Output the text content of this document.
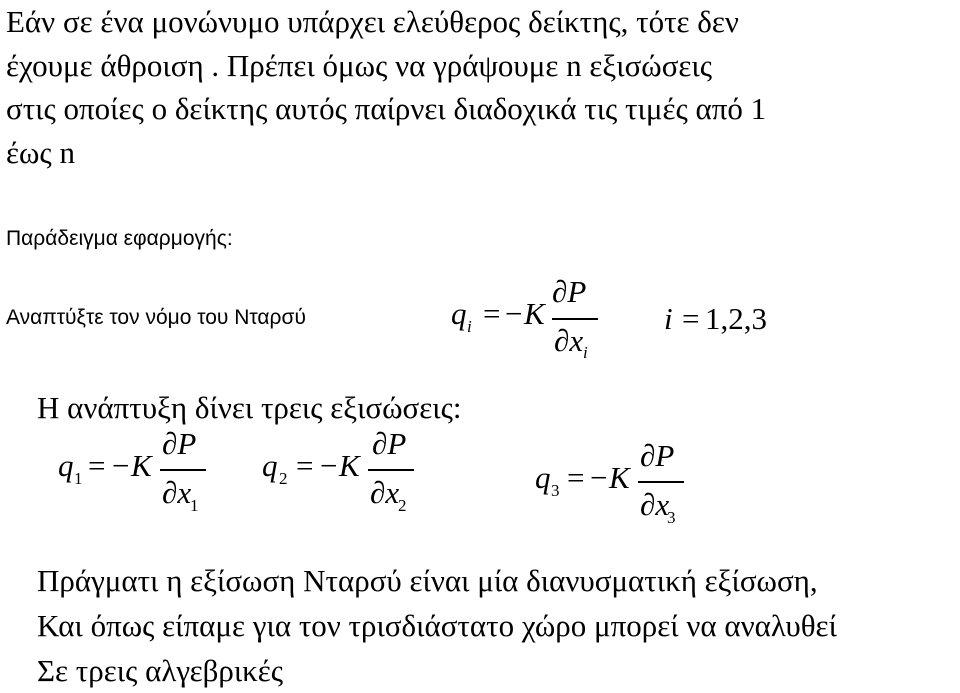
Εάν σε ένα μονώνυμο υπάρχει ελεύθερος δείκτης, τότε δεν
έχουμε άθροιση . Πρέπει όμως να γράψουμε n εξισώσεις
στις οποίες ο δείκτης αυτός παίρνει διαδοχικά τις τιμές από 1
έως n
Παράδειγμα εφαρμογής:
Αναπτύξτε τον νόμο του Νταρσύ	q i = − K
∂P
∂x i
i = 1,2,3
Η ανάπτυξη δίνει τρεις εξισώσεις:
q 1 = − K
∂P
∂x
1
q 2 = − K
∂P
∂x
2
q 3 = − K
∂P
∂x
3
Πράγματι η εξίσωση Νταρσύ είναι μία διανυσματική εξίσωση,
Και όπως είπαμε για τον τρισδιάστατο χώρο μπορεί να αναλυθεί
Σε τρεις αλγεβρικές
